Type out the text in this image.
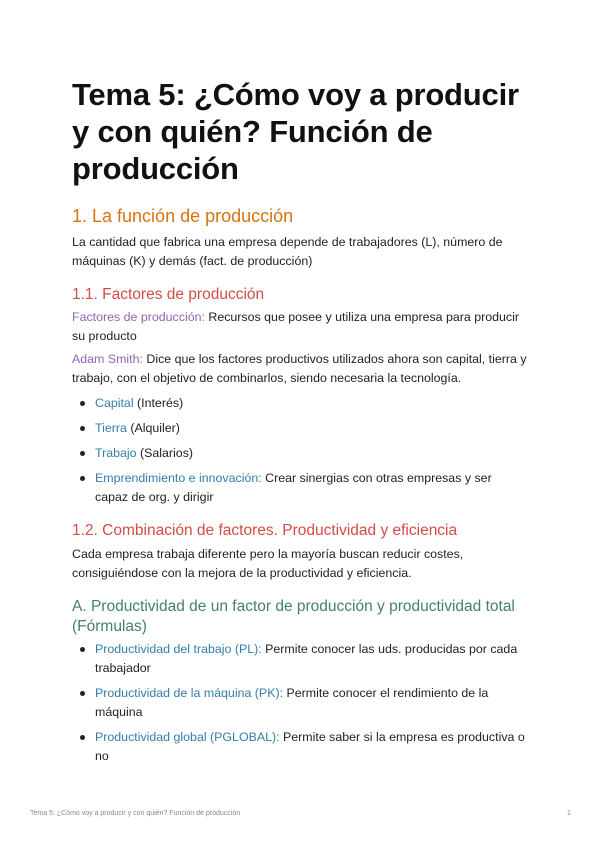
Tema 5: ¿Cómo voy a producir y con quién? Función de producción
1. La función de producción

La cantidad que fabrica una empresa depende de trabajadores (L), número de máquinas (K) y demás (fact. de producción)

1.1. Factores de producción

Factores de producción: Recursos que posee y utiliza una empresa para producir su producto

Adam Smith: Dice que los factores productivos utilizados ahora son capital, tierra y trabajo, con el objetivo de combinarlos, siendo necesaria la tecnología.

Capital (Interés)
Tierra (Alquiler)
Trabajo (Salarios)
Emprendimiento e innovación: Crear sinergias con otras empresas y ser capaz de org. y dirigir
1.2. Combinación de factores. Productividad y eficiencia

Cada empresa trabaja diferente pero la mayoría buscan reducir costes, consiguiéndose con la mejora de la productividad y eficiencia.

A. Productividad de un factor de producción y productividad total (Fórmulas)
Productividad del trabajo (PL): Permite conocer las uds. producidas por cada trabajador
Productividad de la máquina (PK): Permite conocer el rendimiento de la máquina
Productividad global (PGLOBAL): Permite saber si la empresa es productiva o no
Tema 5: ¿Cómo voy a producir y con quién? Función de producción	1
